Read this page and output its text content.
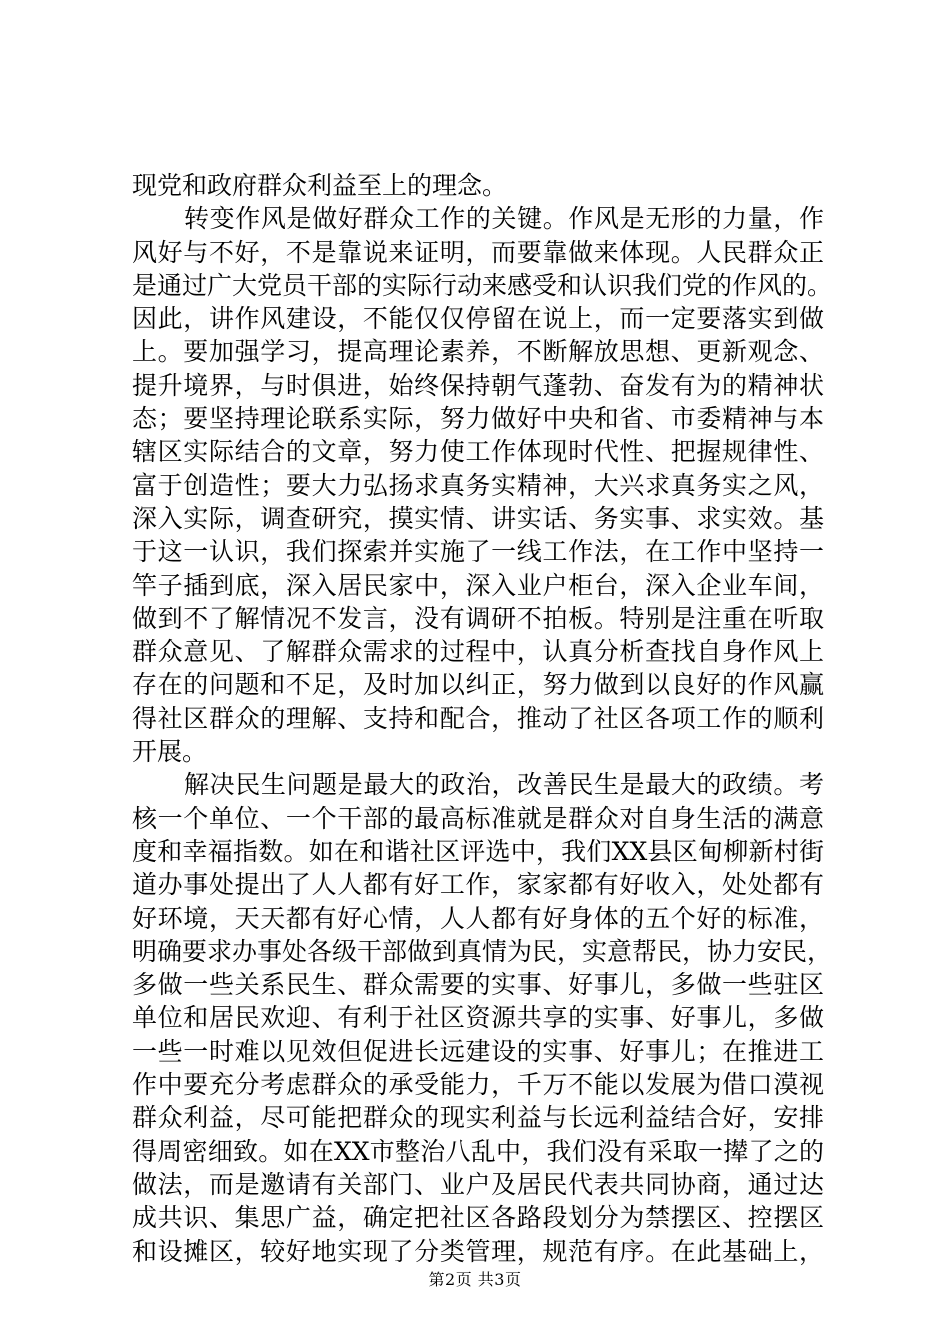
现党和政府群众利益至上的理念。
转变作风是做好群众工作的关键。作风是无形的力量，作
风好与不好，不是靠说来证明，而要靠做来体现。人民群众正
是通过广大党员干部的实际行动来感受和认识我们党的作风的。
因此，讲作风建设，不能仅仅停留在说上，而一定要落实到做
上。要加强学习，提高理论素养，不断解放思想、更新观念、
提升境界，与时俱进，始终保持朝气蓬勃、奋发有为的精神状
态；要坚持理论联系实际，努力做好中央和省、市委精神与本
辖区实际结合的文章，努力使工作体现时代性、把握规律性、
富于创造性；要大力弘扬求真务实精神，大兴求真务实之风，
深入实际，调查研究，摸实情、讲实话、务实事、求实效。基
于这一认识，我们探索并实施了一线工作法，在工作中坚持一
竿子插到底，深入居民家中，深入业户柜台，深入企业车间，
做到不了解情况不发言，没有调研不拍板。特别是注重在听取
群众意见、了解群众需求的过程中，认真分析查找自身作风上
存在的问题和不足，及时加以纠正，努力做到以良好的作风赢
得社区群众的理解、支持和配合，推动了社区各项工作的顺利
开展。
解决民生问题是最大的政治，改善民生是最大的政绩。考
核一个单位、一个干部的最高标准就是群众对自身生活的满意
度和幸福指数。如在和谐社区评选中，我们XX县区甸柳新村街
道办事处提出了人人都有好工作，家家都有好收入，处处都有
好环境，天天都有好心情，人人都有好身体的五个好的标准，
明确要求办事处各级干部做到真情为民，实意帮民，协力安民，
多做一些关系民生、群众需要的实事、好事儿，多做一些驻区
单位和居民欢迎、有利于社区资源共享的实事、好事儿，多做
一些一时难以见效但促进长远建设的实事、好事儿；在推进工
作中要充分考虑群众的承受能力，千万不能以发展为借口漠视
群众利益，尽可能把群众的现实利益与长远利益结合好，安排
得周密细致。如在XX市整治八乱中，我们没有采取一撵了之的
做法，而是邀请有关部门、业户及居民代表共同协商，通过达
成共识、集思广益，确定把社区各路段划分为禁摆区、控摆区
和设摊区，较好地实现了分类管理，规范有序。在此基础上，
第2页 共3页
